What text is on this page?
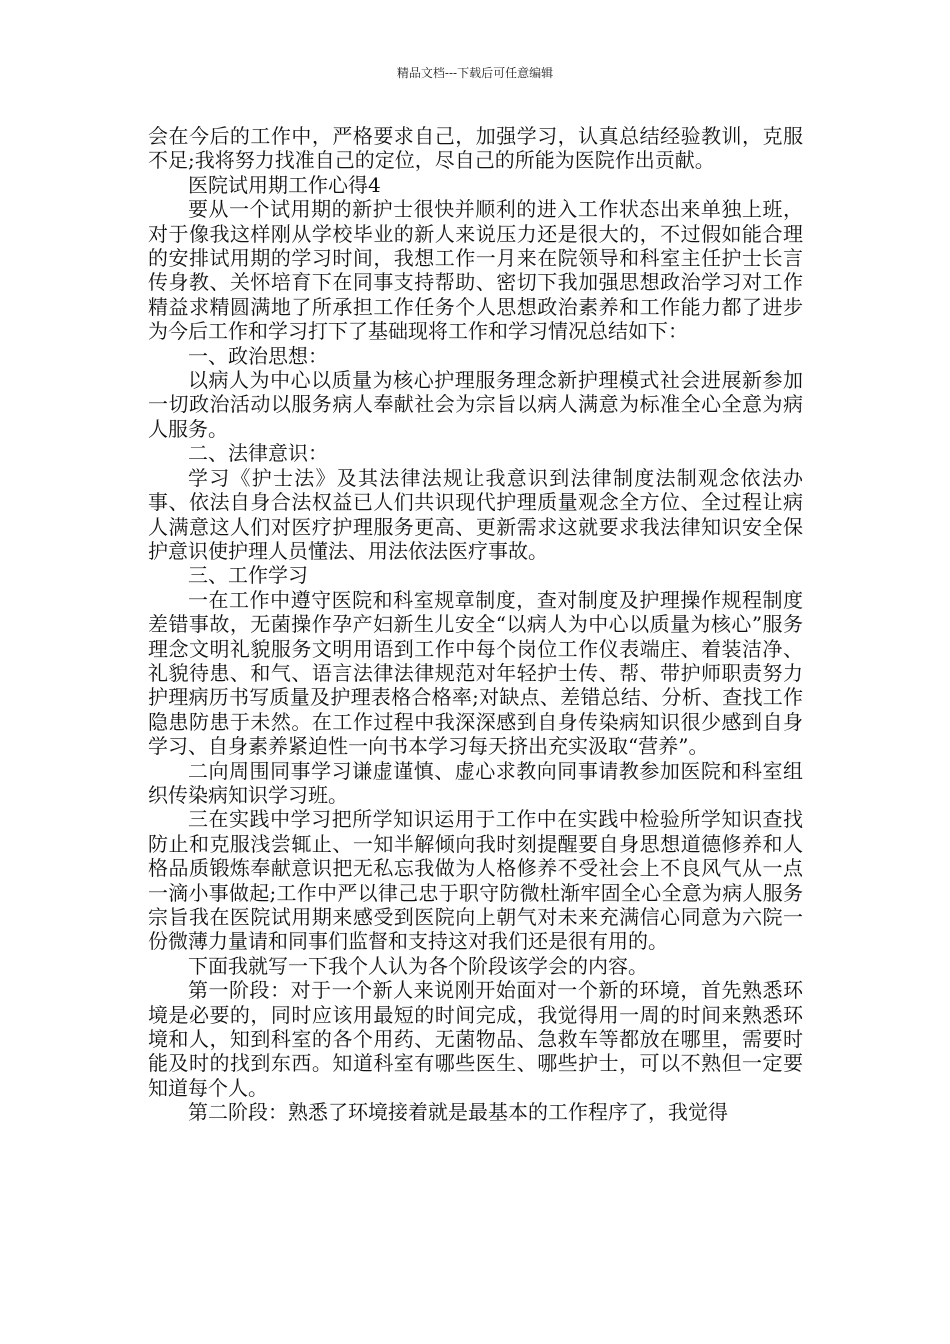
精品文档---下载后可任意编辑

会在今后的工作中，严格要求自己，加强学习，认真总结经验教训，克服不足;我将努力找准自己的定位，尽自己的所能为医院作出贡献。

医院试用期工作心得4

要从一个试用期的新护士很快并顺利的进入工作状态出来单独上班，对于像我这样刚从学校毕业的新人来说压力还是很大的，不过假如能合理的安排试用期的学习时间，我想工作一月来在院领导和科室主任护士长言传身教、关怀培育下在同事支持帮助、密切下我加强思想政治学习对工作精益求精圆满地了所承担工作任务个人思想政治素养和工作能力都了进步为今后工作和学习打下了基础现将工作和学习情况总结如下：

一、政治思想：

以病人为中心以质量为核心护理服务理念新护理模式社会进展新参加一切政治活动以服务病人奉献社会为宗旨以病人满意为标准全心全意为病人服务。

二、法律意识：

学习《护士法》及其法律法规让我意识到法律制度法制观念依法办事、依法自身合法权益已人们共识现代护理质量观念全方位、全过程让病人满意这人们对医疗护理服务更高、更新需求这就要求我法律知识安全保护意识使护理人员懂法、用法依法医疗事故。

三、工作学习

一在工作中遵守医院和科室规章制度，查对制度及护理操作规程制度差错事故，无菌操作孕产妇新生儿安全“以病人为中心以质量为核心”服务理念文明礼貌服务文明用语到工作中每个岗位工作仪表端庄、着装洁净、礼貌待患、和气、语言法律法律规范对年轻护士传、帮、带护师职责努力护理病历书写质量及护理表格合格率;对缺点、差错总结、分析、查找工作隐患防患于未然。在工作过程中我深深感到自身传染病知识很少感到自身学习、自身素养紧迫性一向书本学习每天挤出充实汲取“营养”。

二向周围同事学习谦虚谨慎、虚心求教向同事请教参加医院和科室组织传染病知识学习班。

三在实践中学习把所学知识运用于工作中在实践中检验所学知识查找防止和克服浅尝辄止、一知半解倾向我时刻提醒要自身思想道德修养和人格品质锻炼奉献意识把无私忘我做为人格修养不受社会上不良风气从一点一滴小事做起;工作中严以律己忠于职守防微杜渐牢固全心全意为病人服务宗旨我在医院试用期来感受到医院向上朝气对未来充满信心同意为六院一份微薄力量请和同事们监督和支持这对我们还是很有用的。

下面我就写一下我个人认为各个阶段该学会的内容。

第一阶段：对于一个新人来说刚开始面对一个新的环境，首先熟悉环境是必要的，同时应该用最短的时间完成，我觉得用一周的时间来熟悉环境和人，知到科室的各个用药、无菌物品、急救车等都放在哪里，需要时能及时的找到东西。知道科室有哪些医生、哪些护士，可以不熟但一定要知道每个人。

第二阶段：熟悉了环境接着就是最基本的工作程序了，我觉得
